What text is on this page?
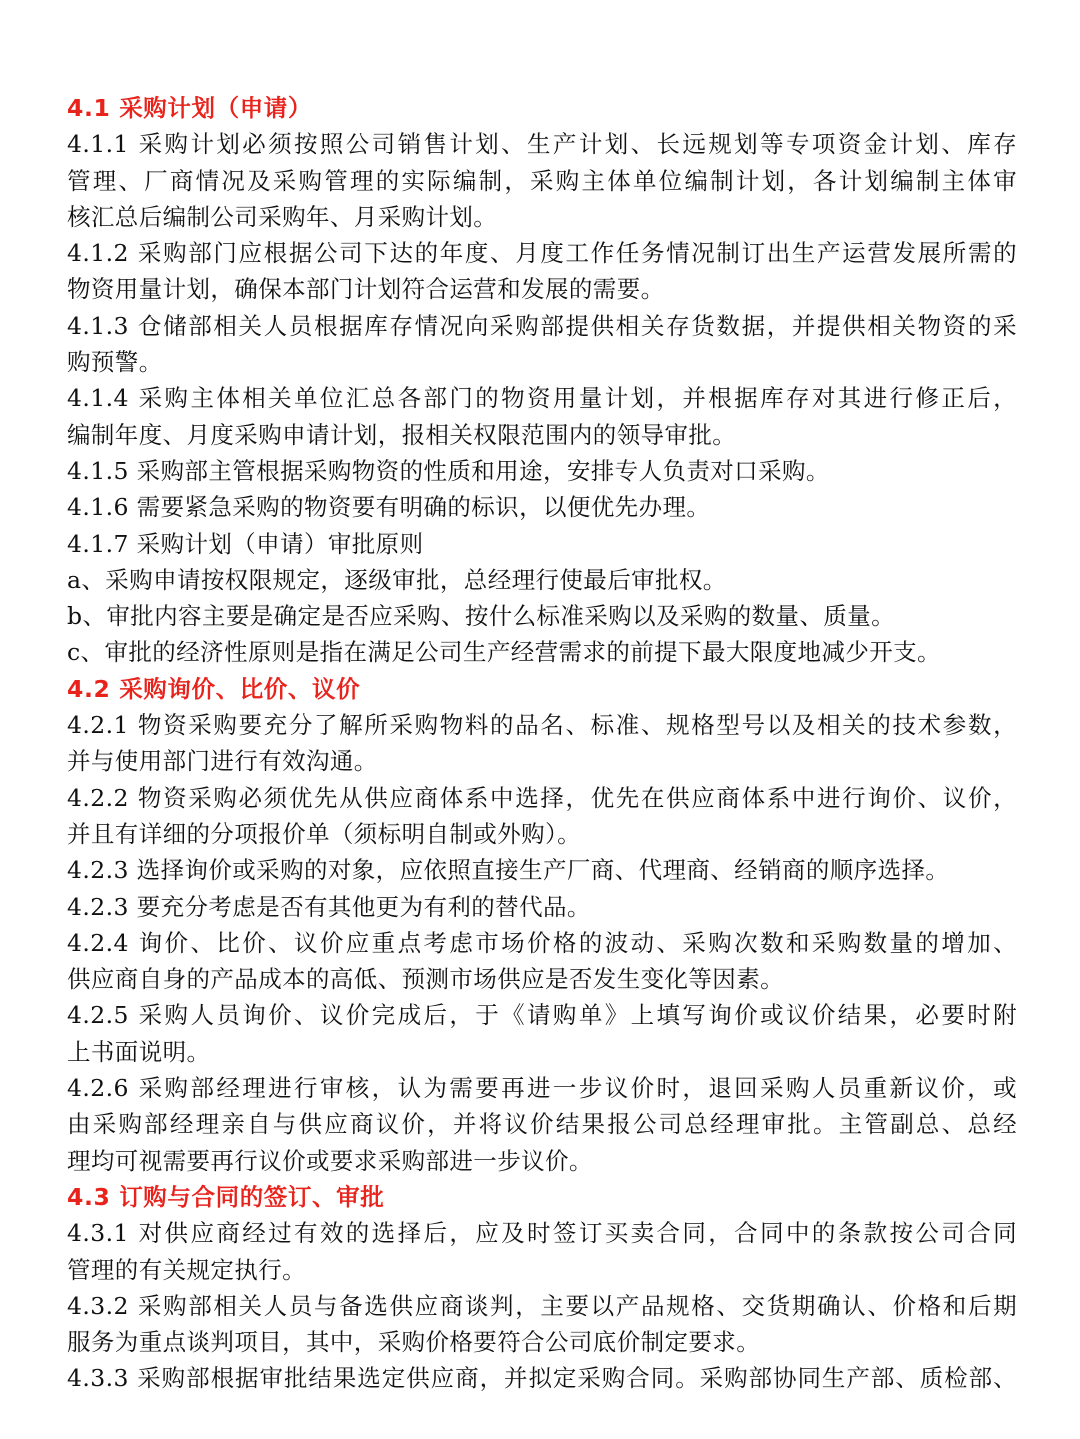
4.1 采购计划（申请）
4.1.1 采购计划必须按照公司销售计划、生产计划、长远规划等专项资金计划、库存
管理、厂商情况及采购管理的实际编制，采购主体单位编制计划，各计划编制主体审
核汇总后编制公司采购年、月采购计划。
4.1.2 采购部门应根据公司下达的年度、月度工作任务情况制订出生产运营发展所需的
物资用量计划，确保本部门计划符合运营和发展的需要。
4.1.3 仓储部相关人员根据库存情况向采购部提供相关存货数据，并提供相关物资的采
购预警。
4.1.4 采购主体相关单位汇总各部门的物资用量计划，并根据库存对其进行修正后，
编制年度、月度采购申请计划，报相关权限范围内的领导审批。
4.1.5 采购部主管根据采购物资的性质和用途，安排专人负责对口采购。
4.1.6 需要紧急采购的物资要有明确的标识，以便优先办理。
4.1.7 采购计划（申请）审批原则
a、采购申请按权限规定，逐级审批，总经理行使最后审批权。
b、审批内容主要是确定是否应采购、按什么标准采购以及采购的数量、质量。
c、审批的经济性原则是指在满足公司生产经营需求的前提下最大限度地减少开支。
4.2 采购询价、比价、议价
4.2.1 物资采购要充分了解所采购物料的品名、标准、规格型号以及相关的技术参数，
并与使用部门进行有效沟通。
4.2.2 物资采购必须优先从供应商体系中选择，优先在供应商体系中进行询价、议价，
并且有详细的分项报价单（须标明自制或外购）。
4.2.3 选择询价或采购的对象，应依照直接生产厂商、代理商、经销商的顺序选择。
4.2.3 要充分考虑是否有其他更为有利的替代品。
4.2.4 询价、比价、议价应重点考虑市场价格的波动、采购次数和采购数量的增加、
供应商自身的产品成本的高低、预测市场供应是否发生变化等因素。
4.2.5 采购人员询价、议价完成后，于《请购单》上填写询价或议价结果，必要时附
上书面说明。
4.2.6 采购部经理进行审核，认为需要再进一步议价时，退回采购人员重新议价，或
由采购部经理亲自与供应商议价，并将议价结果报公司总经理审批。主管副总、总经
理均可视需要再行议价或要求采购部进一步议价。
4.3 订购与合同的签订、审批
4.3.1 对供应商经过有效的选择后，应及时签订买卖合同，合同中的条款按公司合同
管理的有关规定执行。
4.3.2 采购部相关人员与备选供应商谈判，主要以产品规格、交货期确认、价格和后期
服务为重点谈判项目，其中，采购价格要符合公司底价制定要求。
4.3.3 采购部根据审批结果选定供应商，并拟定采购合同。采购部协同生产部、质检部、
